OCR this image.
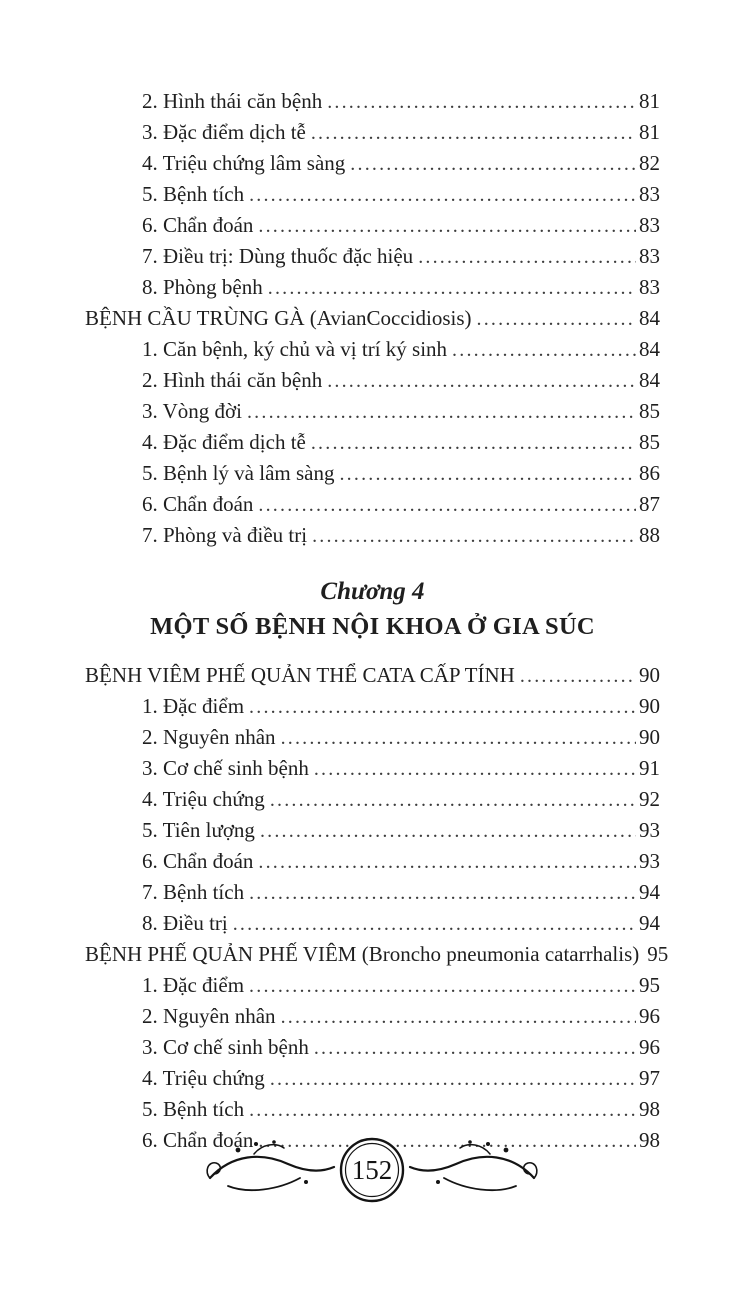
2. Hình thái căn bệnh .....	81
3. Đặc điểm dịch tễ .....	81
4. Triệu chứng lâm sàng .....	82
5. Bệnh tích .....	83
6. Chẩn đoán .....	83
7. Điều trị: Dùng thuốc đặc hiệu .....	83
8. Phòng bệnh .....	83
BỆNH CẦU TRÙNG GÀ (AvianCoccidiosis) .....	84
1. Căn bệnh, ký chủ và vị trí ký sinh .....	84
2. Hình thái căn bệnh .....	84
3. Vòng đời .....	85
4. Đặc điểm dịch tễ .....	85
5. Bệnh lý và lâm sàng .....	86
6. Chẩn đoán .....	87
7. Phòng và điều trị .....	88
Chương 4
MỘT SỐ BỆNH NỘI KHOA Ở GIA SÚC
BỆNH VIÊM PHẾ QUẢN THỂ CATA CẤP TÍNH .....	90
1. Đặc điểm .....	90
2. Nguyên nhân .....	90
3. Cơ chế sinh bệnh .....	91
4. Triệu chứng .....	92
5. Tiên lượng .....	93
6. Chẩn đoán .....	93
7. Bệnh tích .....	94
8. Điều trị .....	94
BỆNH PHẾ QUẢN PHẾ VIÊM (Broncho pneumonia catarrhalis) 95
1. Đặc điểm .....	95
2. Nguyên nhân .....	96
3. Cơ chế sinh bệnh .....	96
4. Triệu chứng .....	97
5. Bệnh tích .....	98
6. Chẩn đoán .....	98
152
